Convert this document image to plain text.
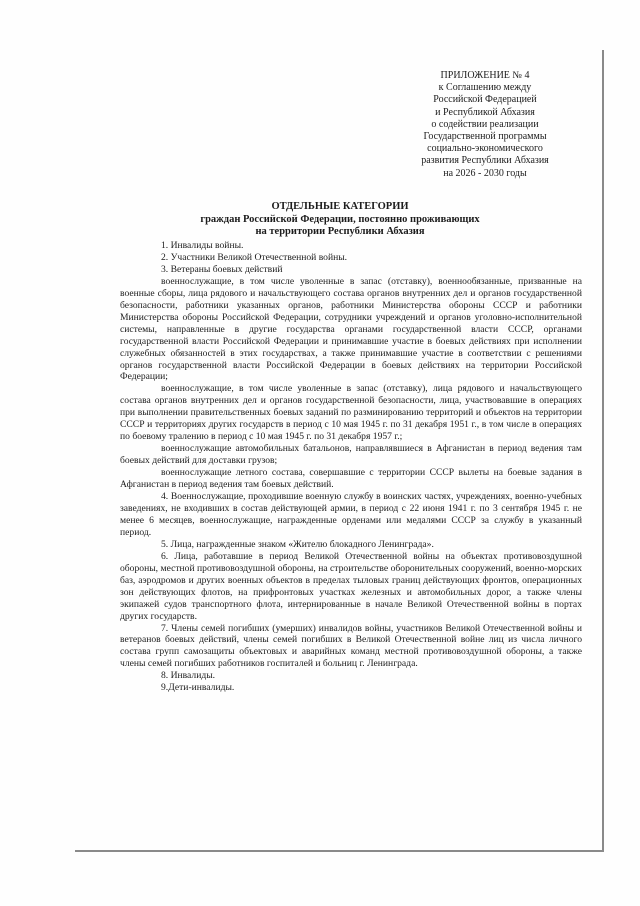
ПРИЛОЖЕНИЕ № 4
к Соглашению между
Российской Федерацией
и Республикой Абхазия
о содействии реализации
Государственной программы
социально-экономического
развития Республики Абхазия
на 2026 - 2030 годы
ОТДЕЛЬНЫЕ КАТЕГОРИИ
граждан Российской Федерации, постоянно проживающих
на территории Республики Абхазия

1. Инвалиды войны.

2. Участники Великой Отечественной войны.

3. Ветераны боевых действий

военнослужащие, в том числе уволенные в запас (отставку), военнообязанные, призванные на военные сборы, лица рядового и начальствующего состава органов внутренних дел и органов государственной безопасности, работники указанных органов, работники Министерства обороны СССР и работники Министерства обороны Российской Федерации, сотрудники учреждений и органов уголовно-исполнительной системы, направленные в другие государства органами государственной власти СССР, органами государственной власти Российской Федерации и принимавшие участие в боевых действиях при исполнении служебных обязанностей в этих государствах, а также принимавшие участие в соответствии с решениями органов государственной власти Российской Федерации в боевых действиях на территории Российской Федерации;

военнослужащие, в том числе уволенные в запас (отставку), лица рядового и начальствующего состава органов внутренних дел и органов государственной безопасности, лица, участвовавшие в операциях при выполнении правительственных боевых заданий по разминированию территорий и объектов на территории СССР и территориях других государств в период с 10 мая 1945 г. по 31 декабря 1951 г., в том числе в операциях по боевому тралению в период с 10 мая 1945 г. по 31 декабря 1957 г.;

военнослужащие автомобильных батальонов, направлявшиеся в Афганистан в период ведения там боевых действий для доставки грузов;

военнослужащие летного состава, совершавшие с территории СССР вылеты на боевые задания в Афганистан в период ведения там боевых действий.

4. Военнослужащие, проходившие военную службу в воинских частях, учреждениях, военно-учебных заведениях, не входивших в состав действующей армии, в период с 22 июня 1941 г. по 3 сентября 1945 г. не менее 6 месяцев, военнослужащие, награжденные орденами или медалями СССР за службу в указанный период.

5. Лица, награжденные знаком «Жителю блокадного Ленинграда».

6. Лица, работавшие в период Великой Отечественной войны на объектах противовоздушной обороны, местной противовоздушной обороны, на строительстве оборонительных сооружений, военно-морских баз, аэродромов и других военных объектов в пределах тыловых границ действующих фронтов, операционных зон действующих флотов, на прифронтовых участках железных и автомобильных дорог, а также члены экипажей судов транспортного флота, интернированные в начале Великой Отечественной войны в портах других государств.

7. Члены семей погибших (умерших) инвалидов войны, участников Великой Отечественной войны и ветеранов боевых действий, члены семей погибших в Великой Отечественной войне лиц из числа личного состава групп самозащиты объектовых и аварийных команд местной противовоздушной обороны, а также члены семей погибших работников госпиталей и больниц г. Ленинграда.

8. Инвалиды.

9.Дети-инвалиды.
